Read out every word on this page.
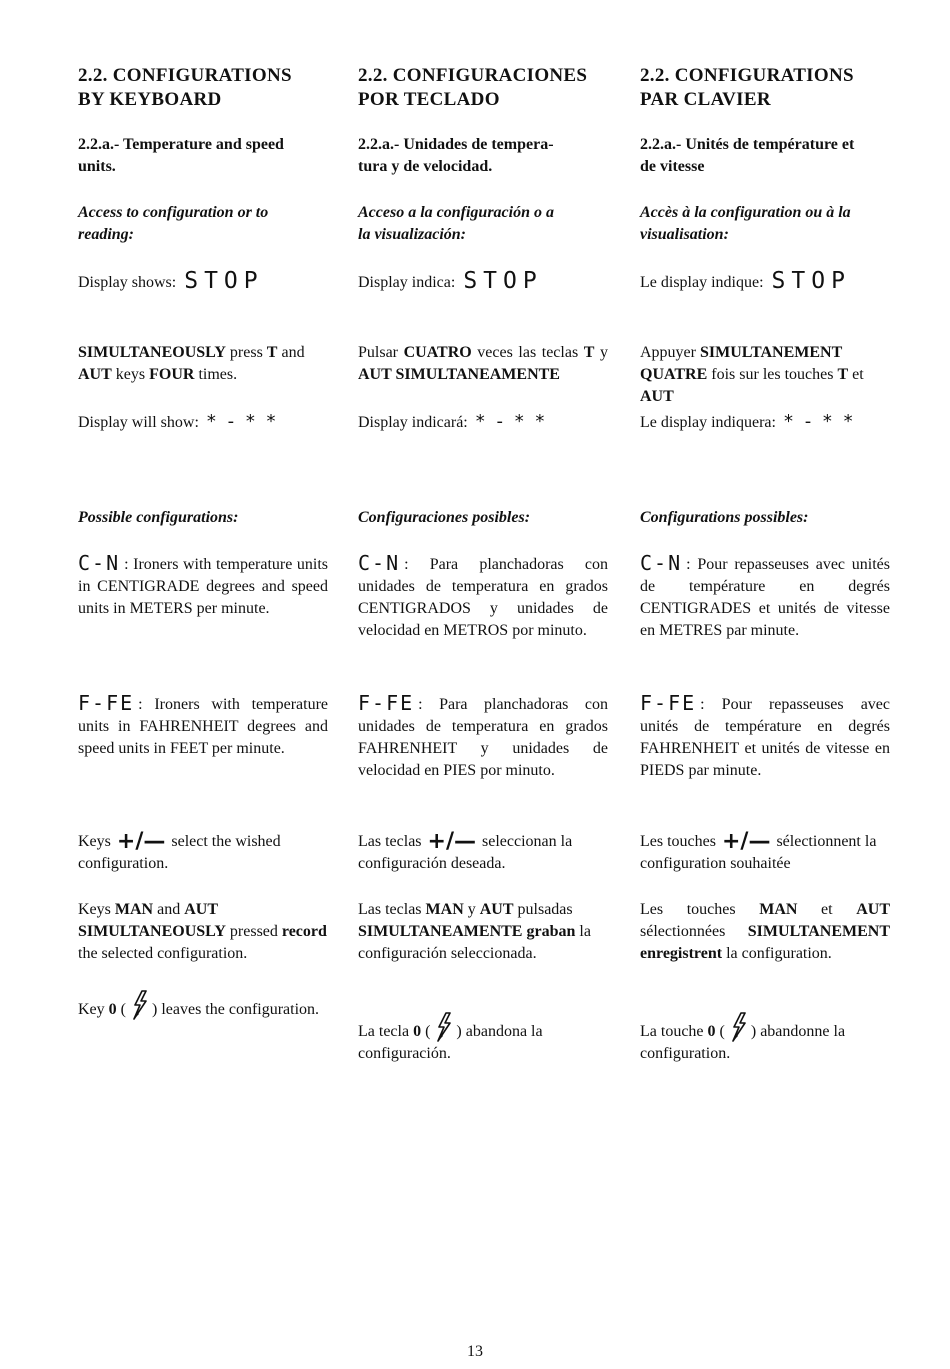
2.2. CONFIGURATIONS
BY KEYBOARD
2.2.a.- Temperature and speed
units.
Access to configuration or to
reading:
Display shows: STOP
SIMULTANEOUSLY press T and AUT keys FOUR times.
Display will show: * - * *
Possible configurations:
C-N : Ironers with temperature units in CENTIGRADE degrees and speed units in METERS per minute.
F-FE : Ironers with temperature units in FAHRENHEIT degrees and speed units in FEET per minute.
Keys +/— select the wished configuration.
Keys MAN and AUT SIMULTANEOUSLY pressed record the selected configuration.
Key 0 ( ) leaves the configuration.
2.2. CONFIGURACIONES
POR TECLADO
2.2.a.- Unidades de tempera-
tura y de velocidad.
Acceso a la configuración o a
la visualización:
Display indica: STOP
Pulsar CUATRO veces las teclas T y AUT SIMULTANEAMENTE
Display indicará: * - * *
Configuraciones posibles:
C-N : Para planchadoras con unidades de temperatura en grados CENTIGRADOS y unidades de velocidad en METROS por minuto.
F-FE : Para planchadoras con unidades de temperatura en grados FAHRENHEIT y unidades de velocidad en PIES por minuto.
Las teclas +/— seleccionan la configuración deseada.
Las teclas MAN y AUT pulsadas SIMULTANEAMENTE graban la configuración seleccionada.
La tecla 0 ( ) abandona la configuración.
2.2. CONFIGURATIONS
PAR CLAVIER
2.2.a.- Unités de température et
de vitesse
Accès à la configuration ou à la
visualisation:
Le display indique: STOP
Appuyer SIMULTANEMENT QUATRE fois sur les touches T et AUT
Le display indiquera: * - * *
Configurations possibles:
C-N : Pour repasseuses avec unités de température en degrés CENTIGRADES et unités de vitesse en METRES par minute.
F-FE : Pour repasseuses avec unités de température en degrés FAHRENHEIT et unités de vitesse en PIEDS par minute.
Les touches +/— sélectionnent la configuration souhaitée
Les touches MAN et AUT sélectionnées SIMULTANEMENT enregistrent la configuration.
La touche 0 ( ) abandonne la configuration.
13
